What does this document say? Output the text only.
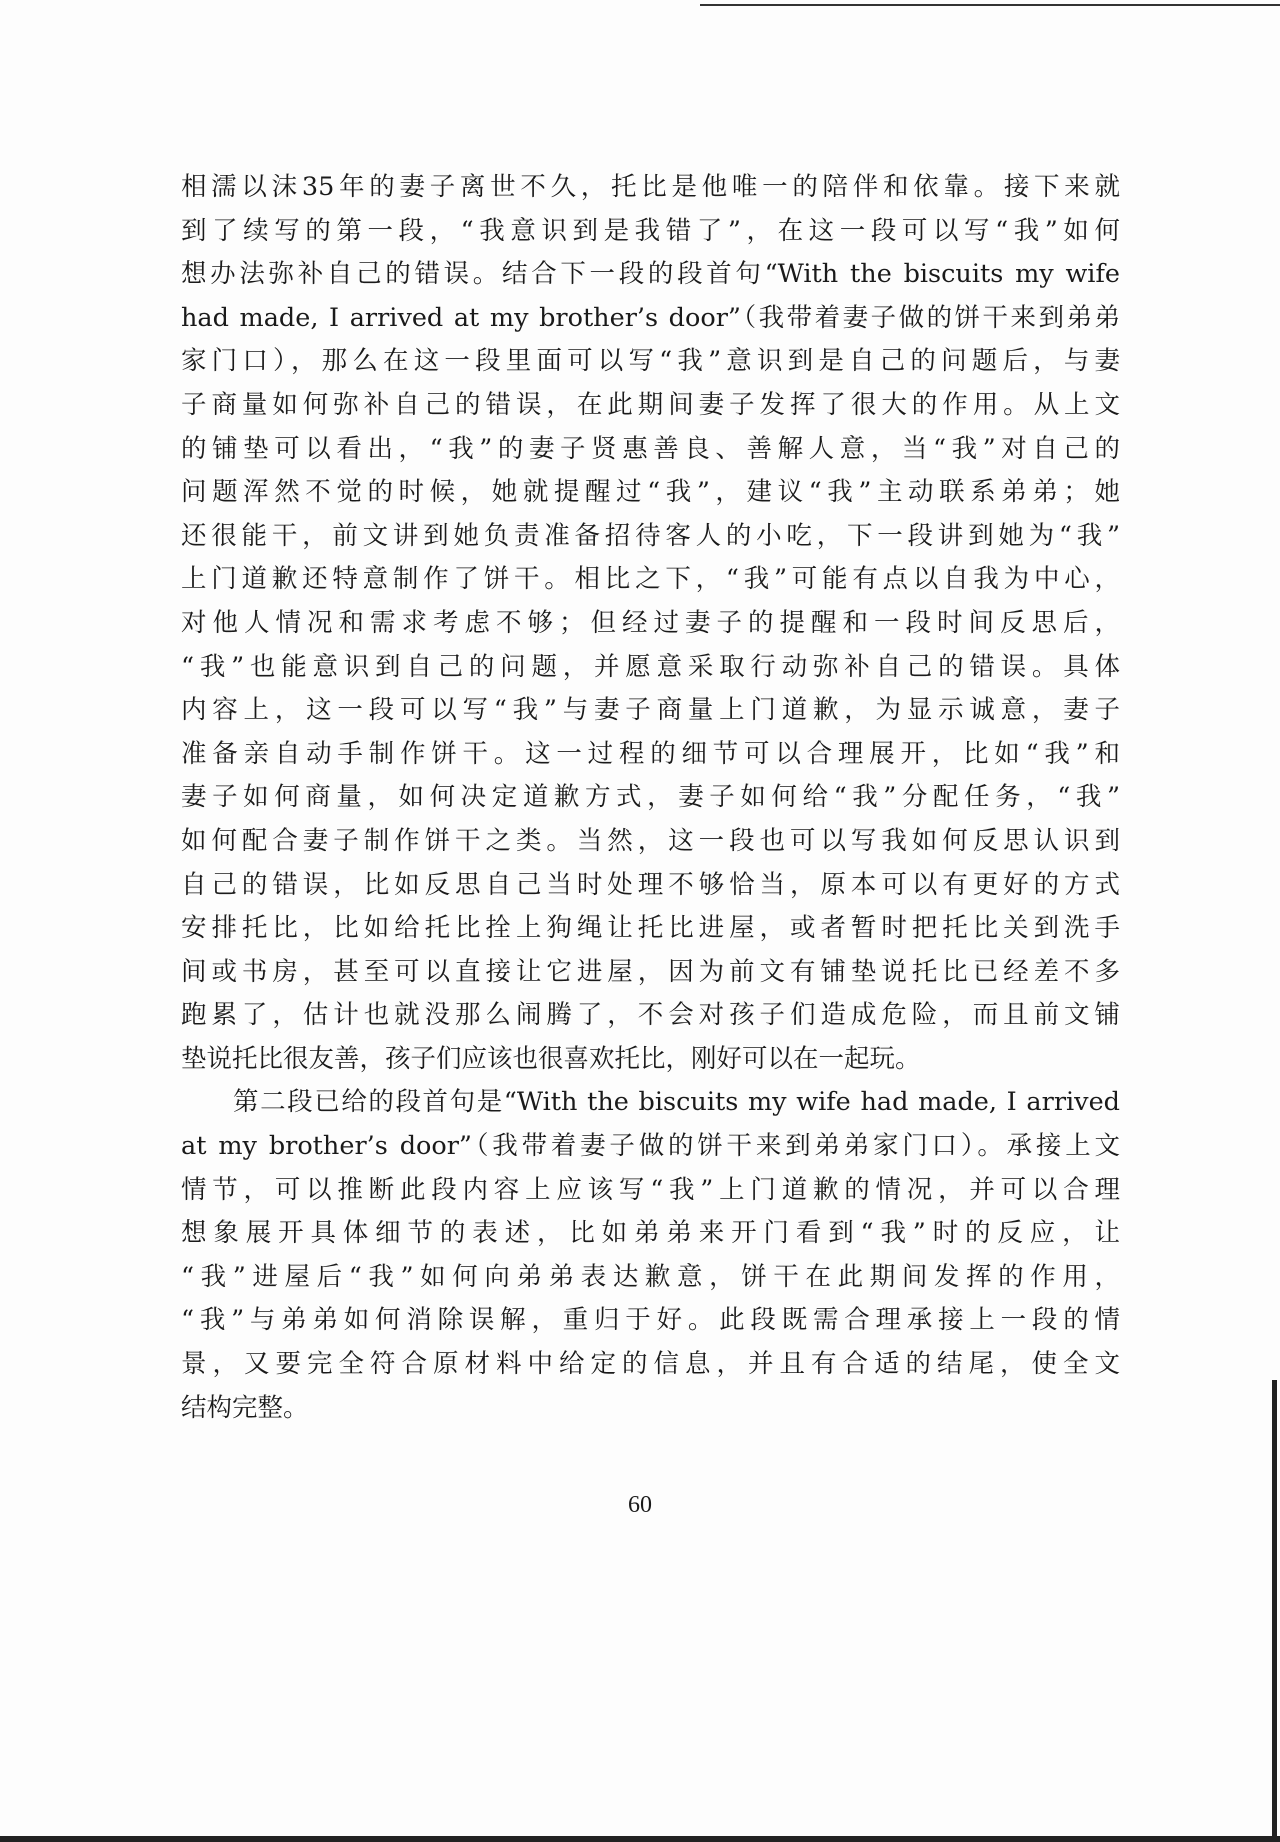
相濡以沫35年的妻子离世不久，托比是他唯一的陪伴和依靠。接下来就
到了续写的第一段，“我意识到是我错了”，在这一段可以写“我”如何
想办法弥补自己的错误。结合下一段的段首句“With the biscuits my wife
had made, I arrived at my brother’s door”（我带着妻子做的饼干来到弟弟
家门口），那么在这一段里面可以写“我”意识到是自己的问题后，与妻
子商量如何弥补自己的错误，在此期间妻子发挥了很大的作用。从上文
的铺垫可以看出，“我”的妻子贤惠善良、善解人意，当“我”对自己的
问题浑然不觉的时候，她就提醒过“我”，建议“我”主动联系弟弟；她
还很能干，前文讲到她负责准备招待客人的小吃，下一段讲到她为“我”
上门道歉还特意制作了饼干。相比之下，“我”可能有点以自我为中心，
对他人情况和需求考虑不够；但经过妻子的提醒和一段时间反思后，
“我”也能意识到自己的问题，并愿意采取行动弥补自己的错误。具体
内容上，这一段可以写“我”与妻子商量上门道歉，为显示诚意，妻子
准备亲自动手制作饼干。这一过程的细节可以合理展开，比如“我”和
妻子如何商量，如何决定道歉方式，妻子如何给“我”分配任务，“我”
如何配合妻子制作饼干之类。当然，这一段也可以写我如何反思认识到
自己的错误，比如反思自己当时处理不够恰当，原本可以有更好的方式
安排托比，比如给托比拴上狗绳让托比进屋，或者暂时把托比关到洗手
间或书房，甚至可以直接让它进屋，因为前文有铺垫说托比已经差不多
跑累了，估计也就没那么闹腾了，不会对孩子们造成危险，而且前文铺
垫说托比很友善，孩子们应该也很喜欢托比，刚好可以在一起玩。
第二段已给的段首句是“With the biscuits my wife had made, I arrived
at my brother’s door”（我带着妻子做的饼干来到弟弟家门口）。承接上文
情节，可以推断此段内容上应该写“我”上门道歉的情况，并可以合理
想象展开具体细节的表述，比如弟弟来开门看到“我”时的反应，让
“我”进屋后“我”如何向弟弟表达歉意，饼干在此期间发挥的作用，
“我”与弟弟如何消除误解，重归于好。此段既需合理承接上一段的情
景，又要完全符合原材料中给定的信息，并且有合适的结尾，使全文
结构完整。
60
